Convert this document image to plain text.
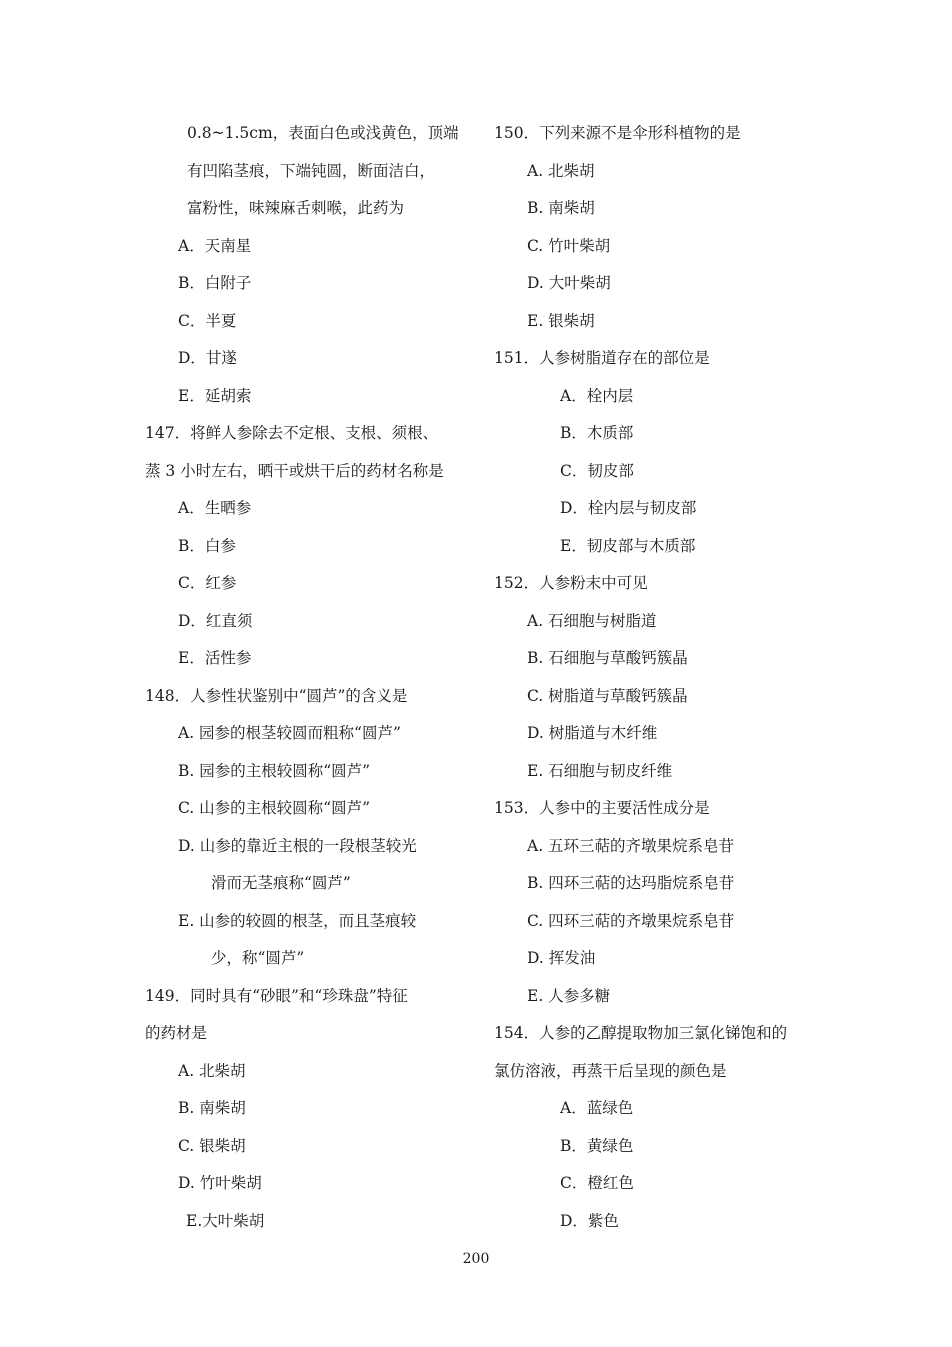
0.8~1.5cm，表面白色或浅黄色，顶端
有凹陷茎痕，下端钝圆，断面洁白，
富粉性，味辣麻舌刺喉，此药为
A．天南星
B．白附子
C．半夏
D．甘遂
E．延胡索
147．将鲜人参除去不定根、支根、须根、
蒸 3 小时左右，晒干或烘干后的药材名称是
A．生晒参
B．白参
C．红参
D．红直须
E．活性参
148．人参性状鉴别中“圆芦”的含义是
A. 园参的根茎较圆而粗称“圆芦”
B. 园参的主根较圆称“圆芦”
C. 山参的主根较圆称“圆芦”
D. 山参的靠近主根的一段根茎较光
滑而无茎痕称“圆芦”
E. 山参的较圆的根茎，而且茎痕较
少，称“圆芦”
149．同时具有“砂眼”和“珍珠盘”特征
的药材是
A. 北柴胡
B. 南柴胡
C. 银柴胡
D. 竹叶柴胡
E.大叶柴胡
150．下列来源不是伞形科植物的是
A. 北柴胡
B. 南柴胡
C. 竹叶柴胡
D. 大叶柴胡
E. 银柴胡
151．人参树脂道存在的部位是
A．栓内层
B．木质部
C．韧皮部
D．栓内层与韧皮部
E．韧皮部与木质部
152．人参粉末中可见
A. 石细胞与树脂道
B. 石细胞与草酸钙簇晶
C. 树脂道与草酸钙簇晶
D. 树脂道与木纤维
E. 石细胞与韧皮纤维
153．人参中的主要活性成分是
A. 五环三萜的齐墩果烷系皂苷
B. 四环三萜的达玛脂烷系皂苷
C. 四环三萜的齐墩果烷系皂苷
D. 挥发油
E. 人参多糖
154．人参的乙醇提取物加三氯化锑饱和的
氯仿溶液，再蒸干后呈现的颜色是
A．蓝绿色
B．黄绿色
C．橙红色
D．紫色
200
